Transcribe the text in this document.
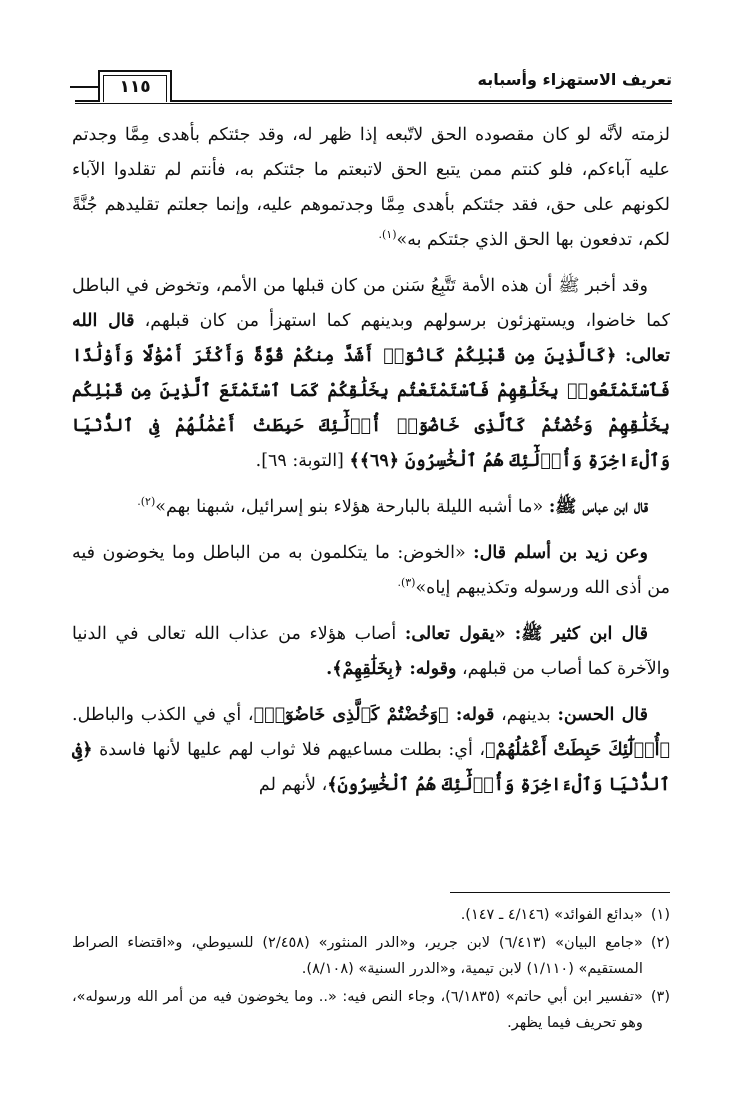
تعريف الاستهزاء وأسبابه
١١٥

لزمته لأنَّه لو كان مقصوده الحق لاتّبعه إذا ظهر له، وقد جئتكم بأهدى مِمَّا وجدتم عليه آباءكم، فلو كنتم ممن يتبع الحق لاتبعتم ما جئتكم به، فأنتم لم تقلدوا الآباء لكونهم على حق، فقد جئتكم بأهدى مِمَّا وجدتموهم عليه، وإنما جعلتم تقليدهم جُنَّةً لكم، تدفعون بها الحق الذي جئتكم به»$^{(١).}$

وقد أخبر ﷺ أن هذه الأمة تَتَّبِعُ سَنن من كان قبلها من الأمم، وتخوض في الباطل كما خاضوا، ويستهزئون برسولهم وبدينهم كما استهزأ من كان قبلهم، قال الله تعالى: ﴿كَالَّذِينَ مِن قَبْلِكُمْ كَانُوٓا۟ أَشَدَّ مِنكُمْ قُوَّةً وَأَكْثَرَ أَمْوَٰلًا وَأَوْلَٰدًا فَٱسْتَمْتَعُوا۟ بِخَلَٰقِهِمْ فَٱسْتَمْتَعْتُم بِخَلَٰقِكُمْ كَمَا ٱسْتَمْتَعَ ٱلَّذِينَ مِن قَبْلِكُم بِخَلَٰقِهِمْ وَخُضْتُمْ كَٱلَّذِى خَاضُوٓا۟ أُو۟لَٰٓئِكَ حَبِطَتْ أَعْمَٰلُهُمْ فِى ٱلدُّنْيَا وَٱلْءَاخِرَةِ وَأُو۟لَٰٓئِكَ هُمُ ٱلْخَٰسِرُونَ ﴿٦٩﴾﴾ [التوبة: ٦٩].

قال ابن عباس ﷺ: «ما أشبه الليلة بالبارحة هؤلاء بنو إسرائيل، شبهنا بهم»$^{(٢).}$

وعن زيد بن أسلم قال: «الخوض: ما يتكلمون به من الباطل وما يخوضون فيه من أذى الله ورسوله وتكذيبهم إياه»$^{(٣).}$

قال ابن كثير ﷺ: «يقول تعالى: أصاب هؤلاء من عذاب الله تعالى في الدنيا والآخرة كما أصاب من قبلهم، وقوله: ﴿بِخَلَٰقِهِمْ﴾.

قال الحسن: بدينهم، قوله: ﴿وَخُضْتُمْ كَٱلَّذِى خَاضُوٓا۟﴾، أي في الكذب والباطل. ﴿أُو۟لَٰٓئِكَ حَبِطَتْ أَعْمَٰلُهُمْ﴾، أي: بطلت مساعيهم فلا ثواب لهم عليها لأنها فاسدة ﴿فِى ٱلدُّنْيَا وَٱلْءَاخِرَةِ وَأُو۟لَٰٓئِكَ هُمُ ٱلْخَٰسِرُونَ﴾، لأنهم لم

(١)
«بدائع الفوائد» (٤/١٤٦ ـ ١٤٧).
(٢)
«جامع البيان» (٦/٤١٣) لابن جرير، و«الدر المنثور» (٢/٤٥٨) للسيوطي، و«اقتضاء الصراط المستقيم» (١/١١٠) لابن تيمية، و«الدرر السنية» (٨/١٠٨).
(٣)
«تفسير ابن أبي حاتم» (٦/١٨٣٥)، وجاء النص فيه: «.. وما يخوضون فيه من أمر الله ورسوله»، وهو تحريف فيما يظهر.
